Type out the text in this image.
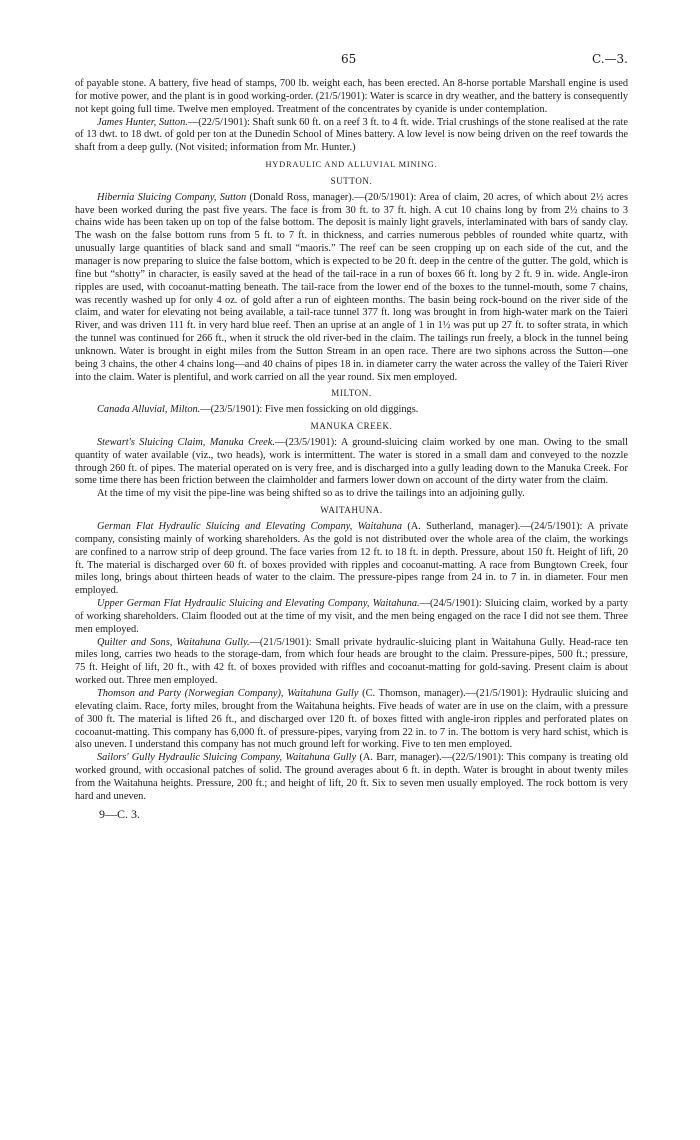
65	C.—3.

of payable stone. A battery, five head of stamps, 700 lb. weight each, has been erected. An 8-horse portable Marshall engine is used for motive power, and the plant is in good working-order. (21/5/1901): Water is scarce in dry weather, and the battery is consequently not kept going full time. Twelve men employed. Treatment of the concentrates by cyanide is under contemplation.

James Hunter, Sutton.—(22/5/1901): Shaft sunk 60 ft. on a reef 3 ft. to 4 ft. wide. Trial crushings of the stone realised at the rate of 13 dwt. to 18 dwt. of gold per ton at the Dunedin School of Mines battery. A low level is now being driven on the reef towards the shaft from a deep gully. (Not visited; information from Mr. Hunter.)

HYDRAULIC AND ALLUVIAL MINING.
SUTTON.

Hibernia Sluicing Company, Sutton (Donald Ross, manager).—(20/5/1901): Area of claim, 20 acres, of which about 2½ acres have been worked during the past five years. The face is from 30 ft. to 37 ft. high. A cut 10 chains long by from 2½ chains to 3 chains wide has been taken up on top of the false bottom. The deposit is mainly light gravels, interlaminated with bars of sandy clay. The wash on the false bottom runs from 5 ft. to 7 ft. in thickness, and carries numerous pebbles of rounded white quartz, with unusually large quantities of black sand and small “maoris.” The reef can be seen cropping up on each side of the cut, and the manager is now preparing to sluice the false bottom, which is expected to be 20 ft. deep in the centre of the gutter. The gold, which is fine but “shotty” in character, is easily saved at the head of the tail-race in a run of boxes 66 ft. long by 2 ft. 9 in. wide. Angle-iron ripples are used, with cocoanut-matting beneath. The tail-race from the lower end of the boxes to the tunnel-mouth, some 7 chains, was recently washed up for only 4 oz. of gold after a run of eighteen months. The basin being rock-bound on the river side of the claim, and water for elevating not being available, a tail-race tunnel 377 ft. long was brought in from high-water mark on the Taieri River, and was driven 111 ft. in very hard blue reef. Then an uprise at an angle of 1 in 1½ was put up 27 ft. to softer strata, in which the tunnel was continued for 266 ft., when it struck the old river-bed in the claim. The tailings run freely, a block in the tunnel being unknown. Water is brought in eight miles from the Sutton Stream in an open race. There are two siphons across the Sutton—one being 3 chains, the other 4 chains long—and 40 chains of pipes 18 in. in diameter carry the water across the valley of the Taieri River into the claim. Water is plentiful, and work carried on all the year round. Six men employed.

MILTON.

Canada Alluvial, Milton.—(23/5/1901): Five men fossicking on old diggings.

MANUKA CREEK.

Stewart's Sluicing Claim, Manuka Creek.—(23/5/1901): A ground-sluicing claim worked by one man. Owing to the small quantity of water available (viz., two heads), work is intermittent. The water is stored in a small dam and conveyed to the nozzle through 260 ft. of pipes. The material operated on is very free, and is discharged into a gully leading down to the Manuka Creek. For some time there has been friction between the claimholder and farmers lower down on account of the dirty water from the claim.

At the time of my visit the pipe-line was being shifted so as to drive the tailings into an adjoining gully.

WAITAHUNA.

German Flat Hydraulic Sluicing and Elevating Company, Waitahuna (A. Sutherland, manager).—(24/5/1901): A private company, consisting mainly of working shareholders. As the gold is not distributed over the whole area of the claim, the workings are confined to a narrow strip of deep ground. The face varies from 12 ft. to 18 ft. in depth. Pressure, about 150 ft. Height of lift, 20 ft. The material is discharged over 60 ft. of boxes provided with ripples and cocoanut-matting. A race from Bungtown Creek, four miles long, brings about thirteen heads of water to the claim. The pressure-pipes range from 24 in. to 7 in. in diameter. Four men employed.

Upper German Flat Hydraulic Sluicing and Elevating Company, Waitahuna.—(24/5/1901): Sluicing claim, worked by a party of working shareholders. Claim flooded out at the time of my visit, and the men being engaged on the race I did not see them. Three men employed.

Quilter and Sons, Waitahuna Gully.—(21/5/1901): Small private hydraulic-sluicing plant in Waitahuna Gully. Head-race ten miles long, carries two heads to the storage-dam, from which four heads are brought to the claim. Pressure-pipes, 500 ft.; pressure, 75 ft. Height of lift, 20 ft., with 42 ft. of boxes provided with riffles and cocoanut-matting for gold-saving. Present claim is about worked out. Three men employed.

Thomson and Party (Norwegian Company), Waitahuna Gully (C. Thomson, manager).—(21/5/1901): Hydraulic sluicing and elevating claim. Race, forty miles, brought from the Waitahuna heights. Five heads of water are in use on the claim, with a pressure of 300 ft. The material is lifted 26 ft., and discharged over 120 ft. of boxes fitted with angle-iron ripples and perforated plates on cocoanut-matting. This company has 6,000 ft. of pressure-pipes, varying from 22 in. to 7 in. The bottom is very hard schist, which is also uneven. I understand this company has not much ground left for working. Five to ten men employed.

Sailors' Gully Hydraulic Sluicing Company, Waitahuna Gully (A. Barr, manager).—(22/5/1901): This company is treating old worked ground, with occasional patches of solid. The ground averages about 6 ft. in depth. Water is brought in about twenty miles from the Waitahuna heights. Pressure, 200 ft.; and height of lift, 20 ft. Six to seven men usually employed. The rock bottom is very hard and uneven.

9—C. 3.
